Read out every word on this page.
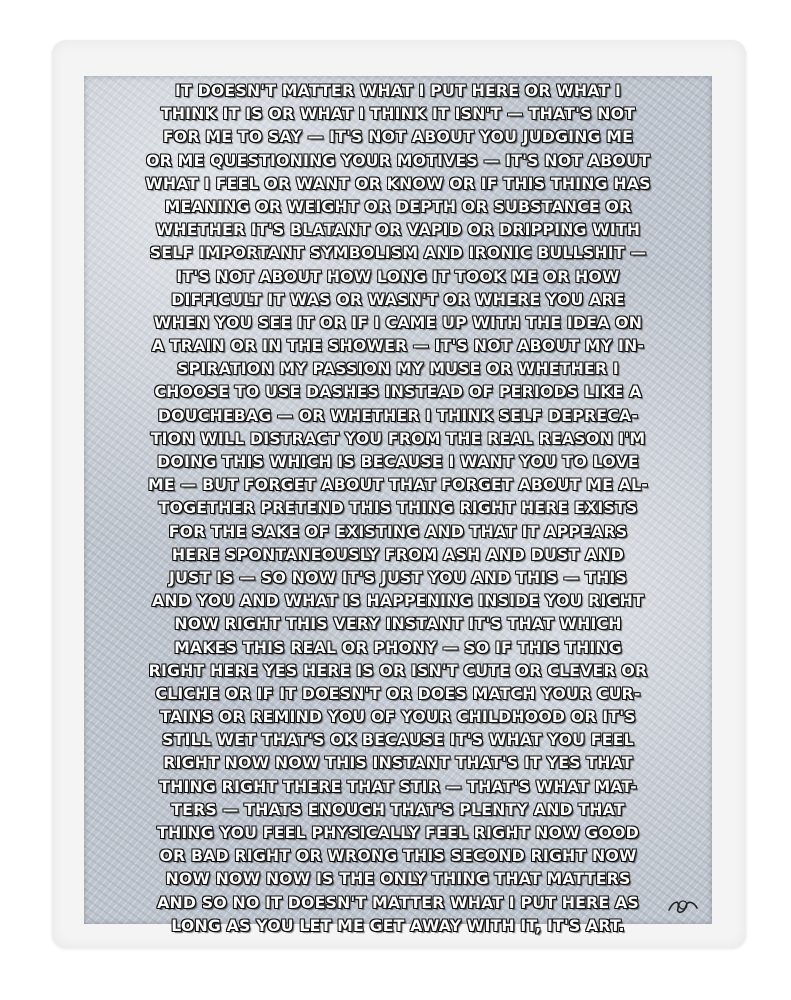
IT DOESN'T MATTER WHAT I PUT HERE OR WHAT I
THINK IT IS OR WHAT I THINK IT ISN'T — THAT'S NOT
FOR ME TO SAY — IT'S NOT ABOUT YOU JUDGING ME
OR ME QUESTIONING YOUR MOTIVES — IT'S NOT ABOUT
WHAT I FEEL OR WANT OR KNOW OR IF THIS THING HAS
MEANING OR WEIGHT OR DEPTH OR SUBSTANCE OR
WHETHER IT'S BLATANT OR VAPID OR DRIPPING WITH
SELF IMPORTANT SYMBOLISM AND IRONIC BULLSHIT —
IT'S NOT ABOUT HOW LONG IT TOOK ME OR HOW
DIFFICULT IT WAS OR WASN'T OR WHERE YOU ARE
WHEN YOU SEE IT OR IF I CAME UP WITH THE IDEA ON
A TRAIN OR IN THE SHOWER — IT'S NOT ABOUT MY IN-
SPIRATION MY PASSION MY MUSE OR WHETHER I
CHOOSE TO USE DASHES INSTEAD OF PERIODS LIKE A
DOUCHEBAG — OR WHETHER I THINK SELF DEPRECA-
TION WILL DISTRACT YOU FROM THE REAL REASON I'M
DOING THIS WHICH IS BECAUSE I WANT YOU TO LOVE
ME — BUT FORGET ABOUT THAT FORGET ABOUT ME AL-
TOGETHER PRETEND THIS THING RIGHT HERE EXISTS
FOR THE SAKE OF EXISTING AND THAT IT APPEARS
HERE SPONTANEOUSLY FROM ASH AND DUST AND
JUST IS — SO NOW IT'S JUST YOU AND THIS — THIS
AND YOU AND WHAT IS HAPPENING INSIDE YOU RIGHT
NOW RIGHT THIS VERY INSTANT IT'S THAT WHICH
MAKES THIS REAL OR PHONY — SO IF THIS THING
RIGHT HERE YES HERE IS OR ISN'T CUTE OR CLEVER OR
CLICHE OR IF IT DOESN'T OR DOES MATCH YOUR CUR-
TAINS OR REMIND YOU OF YOUR CHILDHOOD OR IT'S
STILL WET THAT'S OK BECAUSE IT'S WHAT YOU FEEL
RIGHT NOW NOW THIS INSTANT THAT'S IT YES THAT
THING RIGHT THERE THAT STIR — THAT'S WHAT MAT-
TERS — THATS ENOUGH THAT'S PLENTY AND THAT
THING YOU FEEL PHYSICALLY FEEL RIGHT NOW GOOD
OR BAD RIGHT OR WRONG THIS SECOND RIGHT NOW
NOW NOW NOW IS THE ONLY THING THAT MATTERS
AND SO NO IT DOESN'T MATTER WHAT I PUT HERE AS
LONG AS YOU LET ME GET AWAY WITH IT, IT'S ART.
